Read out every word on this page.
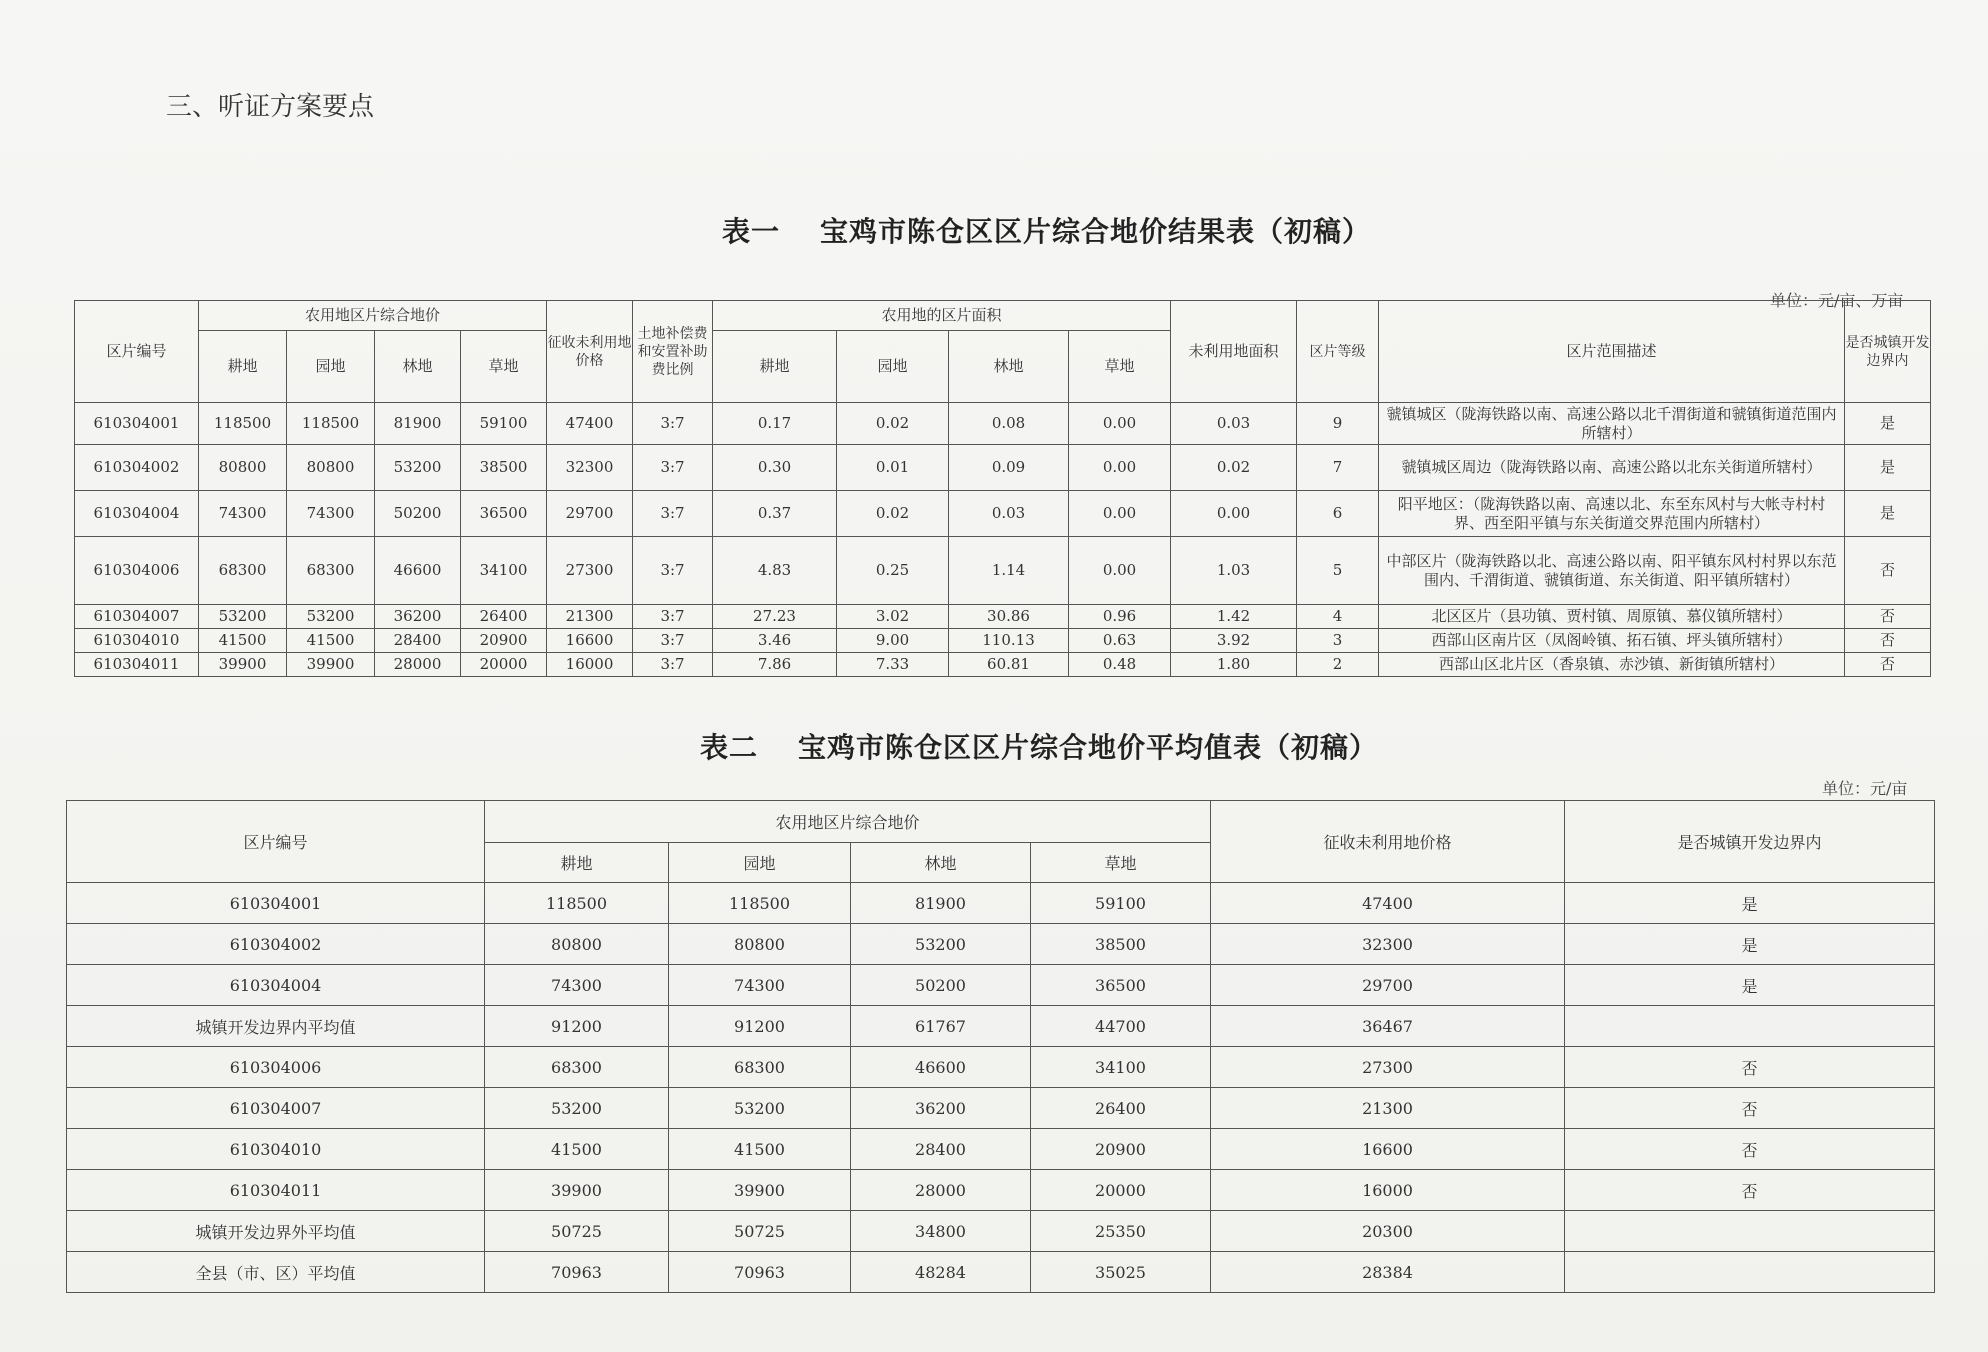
三、听证方案要点
表一 宝鸡市陈仓区区片综合地价结果表（初稿）
单位：元/亩、万亩
区片编号	农用地区片综合地价				征收未利用地价格	土地补偿费和安置补助费比例	农用地的区片面积				未利用地面积	区片等级	区片范围描述	是否城镇开发边界内
	耕地	园地	林地	草地			耕地	园地	林地	草地				
610304001	118500	118500	81900	59100	47400	3:7	0.17	0.02	0.08	0.00	0.03	9	虢镇城区（陇海铁路以南、高速公路以北千渭街道和虢镇街道范围内所辖村）	是
610304002	80800	80800	53200	38500	32300	3:7	0.30	0.01	0.09	0.00	0.02	7	虢镇城区周边（陇海铁路以南、高速公路以北东关街道所辖村）	是
610304004	74300	74300	50200	36500	29700	3:7	0.37	0.02	0.03	0.00	0.00	6	阳平地区：（陇海铁路以南、高速以北、东至东风村与大帐寺村村界、西至阳平镇与东关街道交界范围内所辖村）	是
610304006	68300	68300	46600	34100	27300	3:7	4.83	0.25	1.14	0.00	1.03	5	中部区片（陇海铁路以北、高速公路以南、阳平镇东风村村界以东范围内、千渭街道、虢镇街道、东关街道、阳平镇所辖村）	否
610304007	53200	53200	36200	26400	21300	3:7	27.23	3.02	30.86	0.96	1.42	4	北区区片（县功镇、贾村镇、周原镇、慕仪镇所辖村）	否
610304010	41500	41500	28400	20900	16600	3:7	3.46	9.00	110.13	0.63	3.92	3	西部山区南片区（凤阁岭镇、拓石镇、坪头镇所辖村）	否
610304011	39900	39900	28000	20000	16000	3:7	7.86	7.33	60.81	0.48	1.80	2	西部山区北片区（香泉镇、赤沙镇、新街镇所辖村）	否
表二 宝鸡市陈仓区区片综合地价平均值表（初稿）
单位：元/亩
区片编号	农用地区片综合地价				征收未利用地价格	是否城镇开发边界内
	耕地	园地	林地	草地		
610304001	118500	118500	81900	59100	47400	是
610304002	80800	80800	53200	38500	32300	是
610304004	74300	74300	50200	36500	29700	是
城镇开发边界内平均值	91200	91200	61767	44700	36467	
610304006	68300	68300	46600	34100	27300	否
610304007	53200	53200	36200	26400	21300	否
610304010	41500	41500	28400	20900	16600	否
610304011	39900	39900	28000	20000	16000	否
城镇开发边界外平均值	50725	50725	34800	25350	20300	
全县（市、区）平均值	70963	70963	48284	35025	28384	
